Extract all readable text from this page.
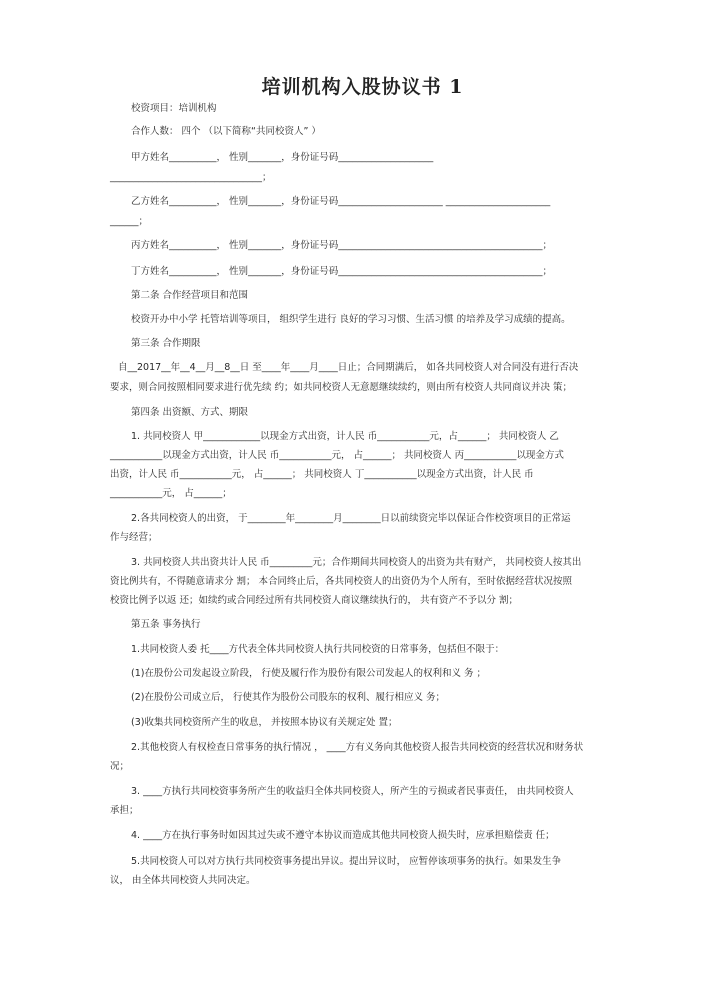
培训机构入股协议书 1
校资项目：培训机构
合作人数： 四个 （以下简称“共同校资人” ）
甲方姓名__________， 性别_______，身份证号码____________________
________________________________；
乙方姓名__________， 性别_______，身份证号码______________________ ______________________
______；
丙方姓名__________， 性别_______，身份证号码___________________________________________；
丁方姓名__________， 性别_______，身份证号码___________________________________________；
第二条 合作经营项目和范围
校资开办中小学 托管培训等项目， 组织学生进行 良好的学习习惯、生活习惯 的培养及学习成绩的提高。
第三条 合作期限
自__2017__年__4__月__8__日 至____年____月____日止；合同期满后， 如各共同校资人对合同没有进行否决
要求，则合同按照相同要求进行优先续 约；如共同校资人无意愿继续续约，则由所有校资人共同商议并决 策；
第四条 出资额、方式、期限
1. 共同校资人 甲____________以现金方式出资，计人民 币___________元，占______； 共同校资人 乙
___________以现金方式出资，计人民 币___________元， 占______； 共同校资人 丙___________以现金方式
出资，计人民 币___________元， 占______； 共同校资人 丁___________以现金方式出资，计人民 币
___________元， 占______；
2.各共同校资人的出资， 于________年________月________日以前续资完毕以保证合作校资项目的正常运
作与经营；
3. 共同校资人共出资共计人民 币_________元；合作期间共同校资人的出资为共有财产， 共同校资人按其出
资比例共有，不得随意请求分 割； 本合同终止后，各共同校资人的出资仍为个人所有，至时依据经营状况按照
校资比例予以返 还；如续约或合同经过所有共同校资人商议继续执行的， 共有资产不予以分 割；
第五条 事务执行
1.共同校资人委 托____方代表全体共同校资人执行共同校资的日常事务，包括但不限于：
(1)在股份公司发起设立阶段， 行使及履行作为股份有限公司发起人的权利和义 务 ；
(2)在股份公司成立后， 行使其作为股份公司股东的权利、履行相应义 务；
(3)收集共同校资所产生的收息， 并按照本协议有关规定处 置；
2.其他校资人有权检查日常事务的执行情况 ， ____方有义务向其他校资人报告共同校资的经营状况和财务状
况；
3. ____方执行共同校资事务所产生的收益归全体共同校资人，所产生的亏损或者民事责任， 由共同校资人
承担；
4. ____方在执行事务时如因其过失或不遵守本协议而造成其他共同校资人损失时，应承担赔偿责 任；
5.共同校资人可以对方执行共同校资事务提出异议。提出异议时， 应暂停该项事务的执行。如果发生争
议， 由全体共同校资人共同决定。
